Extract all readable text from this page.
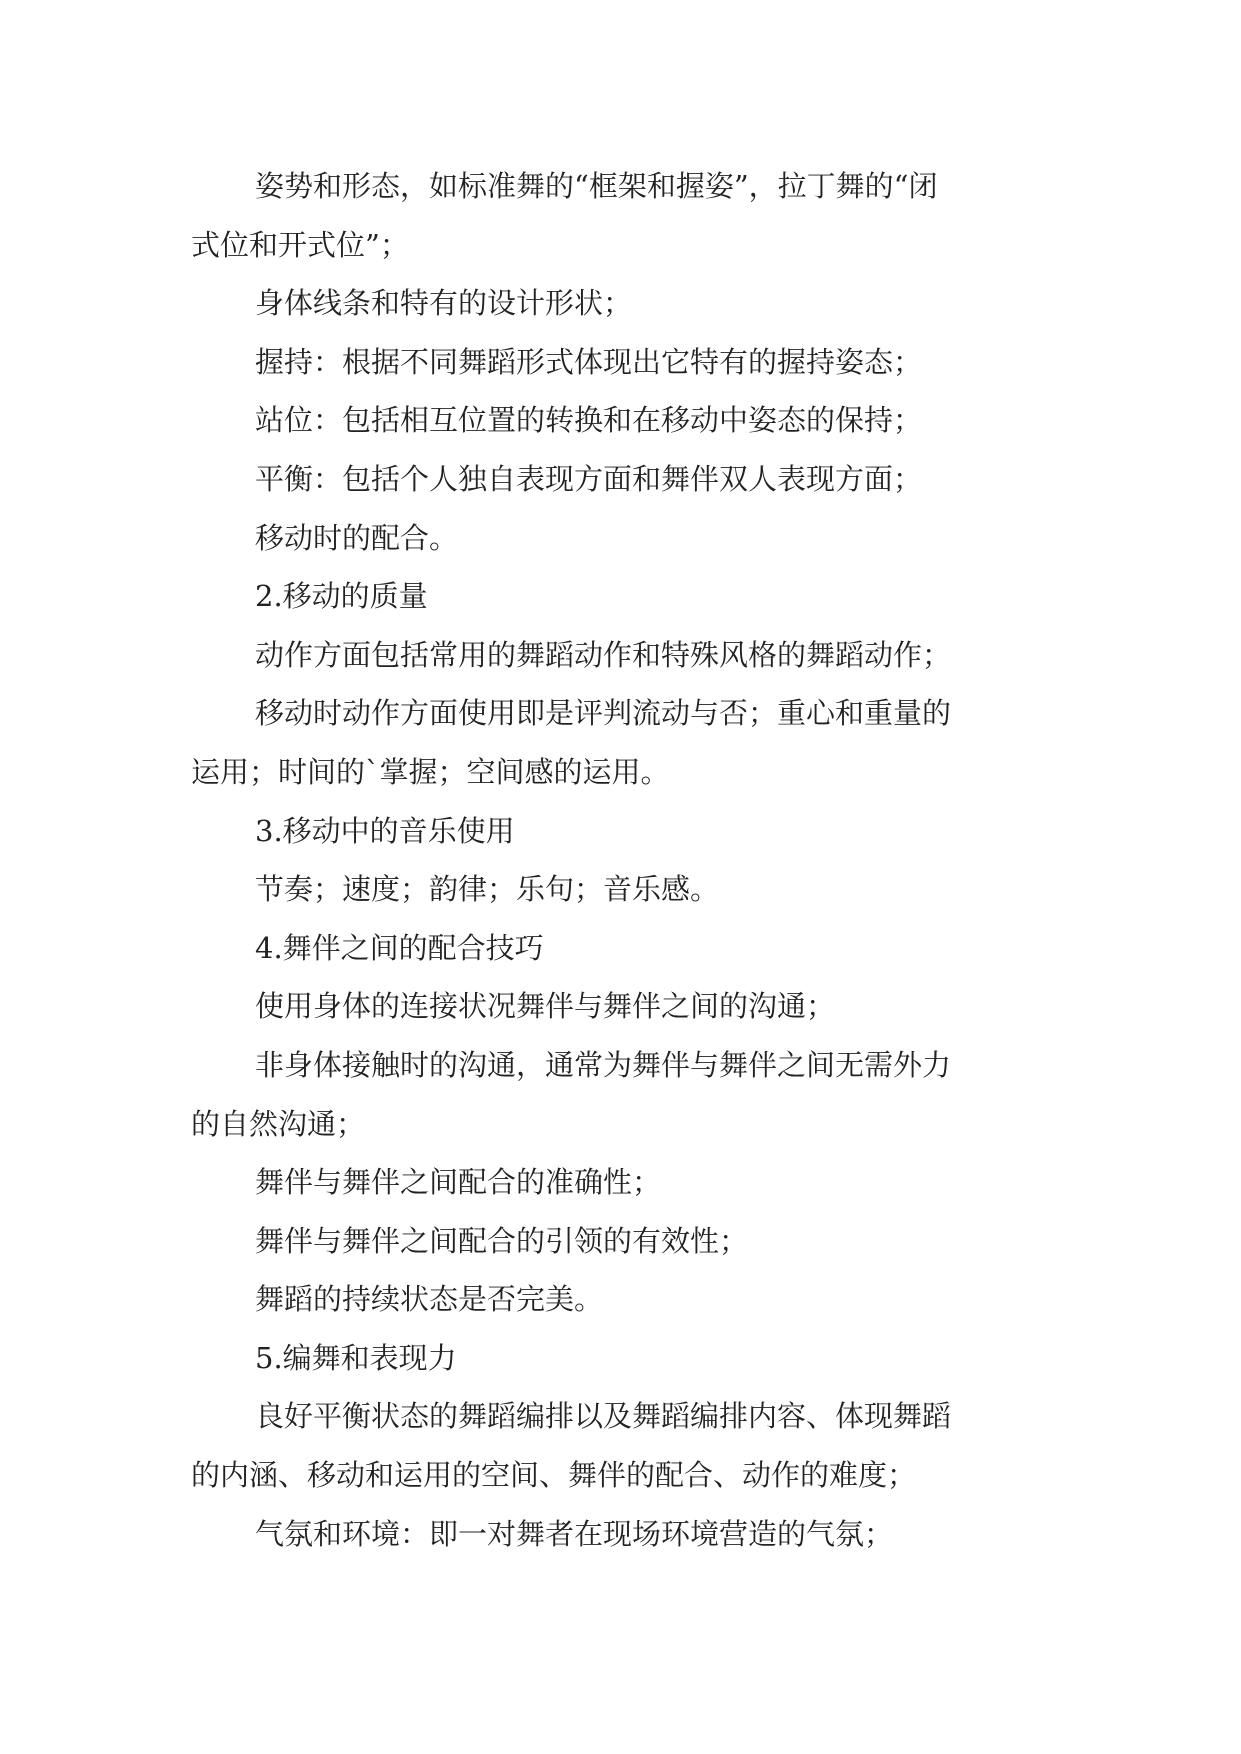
姿势和形态，如标准舞的“框架和握姿”，拉丁舞的“闭
式位和开式位”；
身体线条和特有的设计形状；
握持：根据不同舞蹈形式体现出它特有的握持姿态；
站位：包括相互位置的转换和在移动中姿态的保持；
平衡：包括个人独自表现方面和舞伴双人表现方面；
移动时的配合。
2.移动的质量
动作方面包括常用的舞蹈动作和特殊风格的舞蹈动作；
移动时动作方面使用即是评判流动与否；重心和重量的
运用；时间的`掌握；空间感的运用。
3.移动中的音乐使用
节奏；速度；韵律；乐句；音乐感。
4.舞伴之间的配合技巧
使用身体的连接状况舞伴与舞伴之间的沟通；
非身体接触时的沟通，通常为舞伴与舞伴之间无需外力
的自然沟通；
舞伴与舞伴之间配合的准确性；
舞伴与舞伴之间配合的引领的有效性；
舞蹈的持续状态是否完美。
5.编舞和表现力
良好平衡状态的舞蹈编排以及舞蹈编排内容、体现舞蹈
的内涵、移动和运用的空间、舞伴的配合、动作的难度；
气氛和环境：即一对舞者在现场环境营造的气氛；
